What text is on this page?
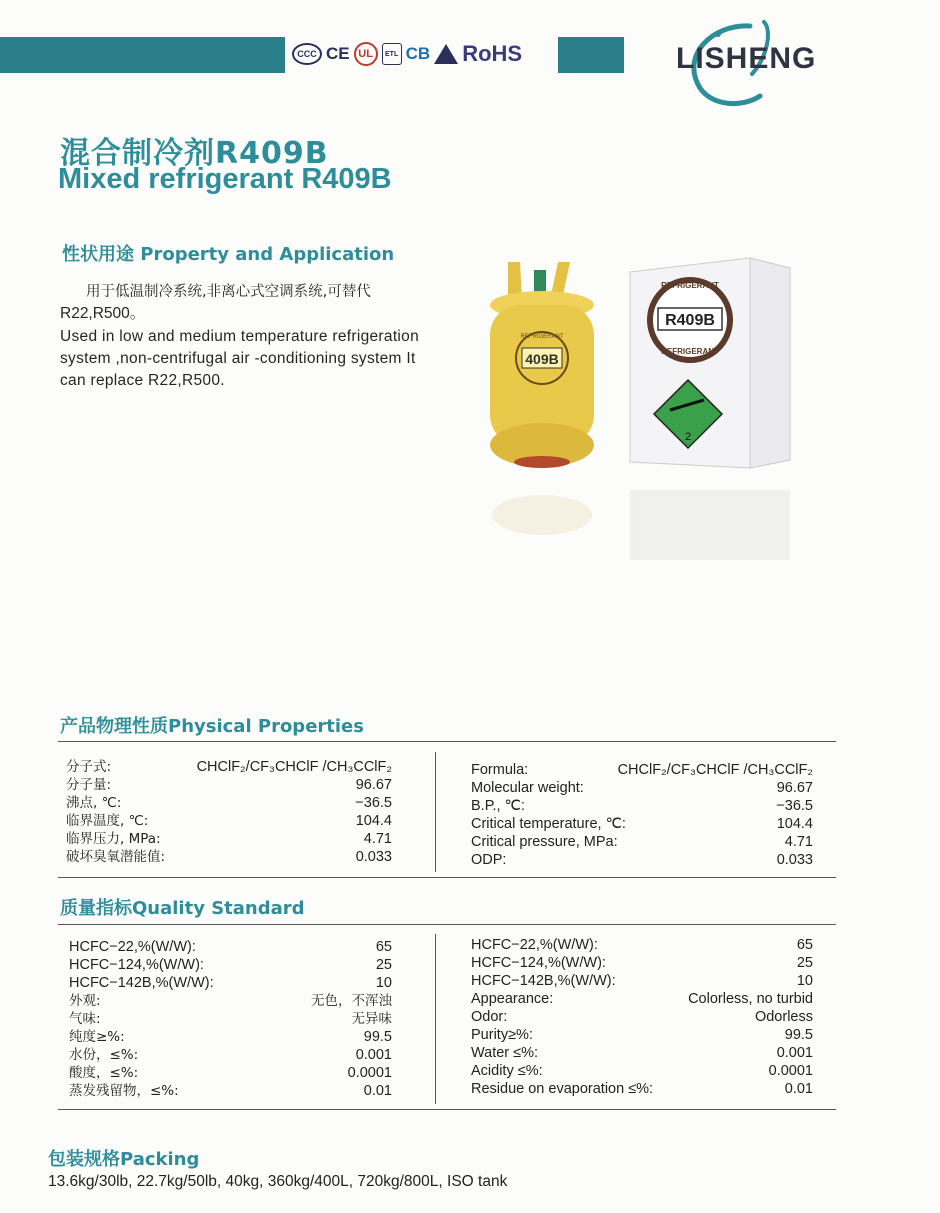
CCC CE UL	ETL CB RoHS	LISHENG
混合制冷剂R409B
Mixed refrigerant R409B
性状用途 Property and Application
用于低温制冷系统,非离心式空调系统,可替代
R22,R500。
Used in low and medium temperature refrigeration system ,non-centrifugal air -conditioning system It can replace R22,R500.
409B
REFRIGERANT
REFRIGERANT
R409B
REFRIGERANT
2
产品物理性质Physical Properties
分子式:	CHClF₂/CF₃CHClF /CH₃CClF₂
分子量:	96.67
沸点, ℃:	−36.5
临界温度, ℃:	104.4
临界压力, MPa:	4.71
破坏臭氧潜能值:	0.033
Formula:	CHClF₂/CF₃CHClF /CH₃CClF₂
Molecular weight:	96.67
B.P., ℃:	−36.5
Critical temperature, ℃:	104.4
Critical pressure, MPa:	4.71
ODP:	0.033
质量指标Quality Standard
HCFC−22,%(W/W):	65
HCFC−124,%(W/W):	25
HCFC−142B,%(W/W):	10
外观:	无色，不浑浊
气味:	无异味
纯度≥%:	99.5
水份，≤%:	0.001
酸度，≤%:	0.0001
蒸发残留物，≤%:	0.01
HCFC−22,%(W/W):	65
HCFC−124,%(W/W):	25
HCFC−142B,%(W/W):	10
Appearance:	Colorless, no turbid
Odor:	Odorless
Purity≥%:	99.5
Water ≤%:	0.001
Acidity ≤%:	0.0001
Residue on evaporation ≤%:	0.01
包装规格Packing
13.6kg/30lb, 22.7kg/50lb, 40kg, 360kg/400L, 720kg/800L, ISO tank
